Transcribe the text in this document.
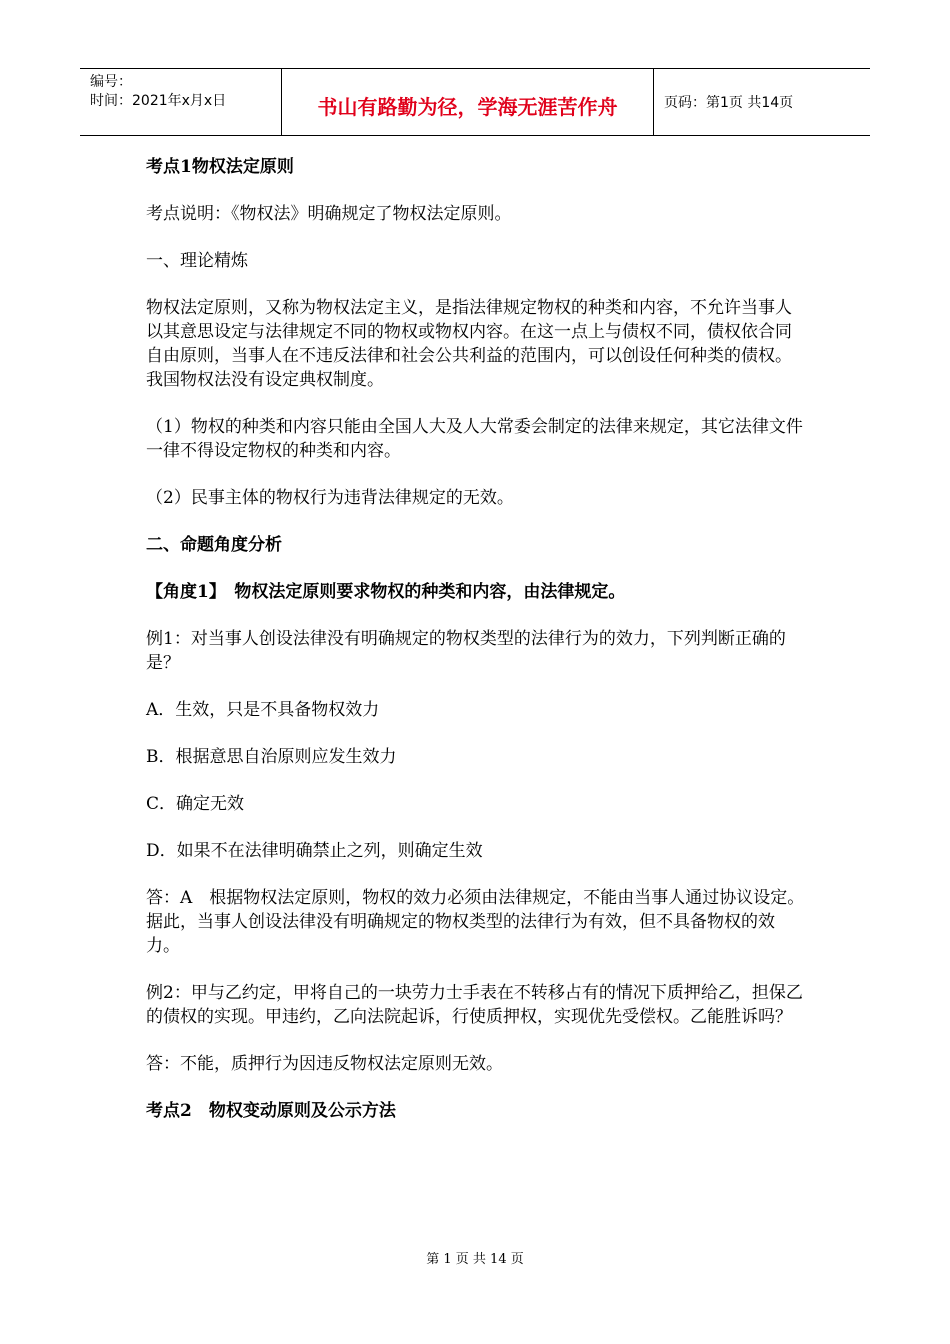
编号：
时间：2021年x月x日	书山有路勤为径，学海无涯苦作舟	页码：第1页 共14页

考点1物权法定原则

考点说明：《物权法》明确规定了物权法定原则。

一、理论精炼

物权法定原则，又称为物权法定主义，是指法律规定物权的种类和内容，不允许当事人以其意思设定与法律规定不同的物权或物权内容。在这一点上与债权不同，债权依合同自由原则，当事人在不违反法律和社会公共利益的范围内，可以创设任何种类的债权。我国物权法没有设定典权制度。

（1）物权的种类和内容只能由全国人大及人大常委会制定的法律来规定，其它法律文件一律不得设定物权的种类和内容。

（2）民事主体的物权行为违背法律规定的无效。

二、命题角度分析

【角度1】　物权法定原则要求物权的种类和内容，由法律规定。

例1：对当事人创设法律没有明确规定的物权类型的法律行为的效力，下列判断正确的是？

A．生效，只是不具备物权效力

B．根据意思自治原则应发生效力

C．确定无效

D．如果不在法律明确禁止之列，则确定生效

答：A　根据物权法定原则，物权的效力必须由法律规定，不能由当事人通过协议设定。据此，当事人创设法律没有明确规定的物权类型的法律行为有效，但不具备物权的效力。

例2：甲与乙约定，甲将自己的一块劳力士手表在不转移占有的情况下质押给乙，担保乙的债权的实现。甲违约，乙向法院起诉，行使质押权，实现优先受偿权。乙能胜诉吗？

答：不能，质押行为因违反物权法定原则无效。

考点2　物权变动原则及公示方法

第 1 页 共 14 页
